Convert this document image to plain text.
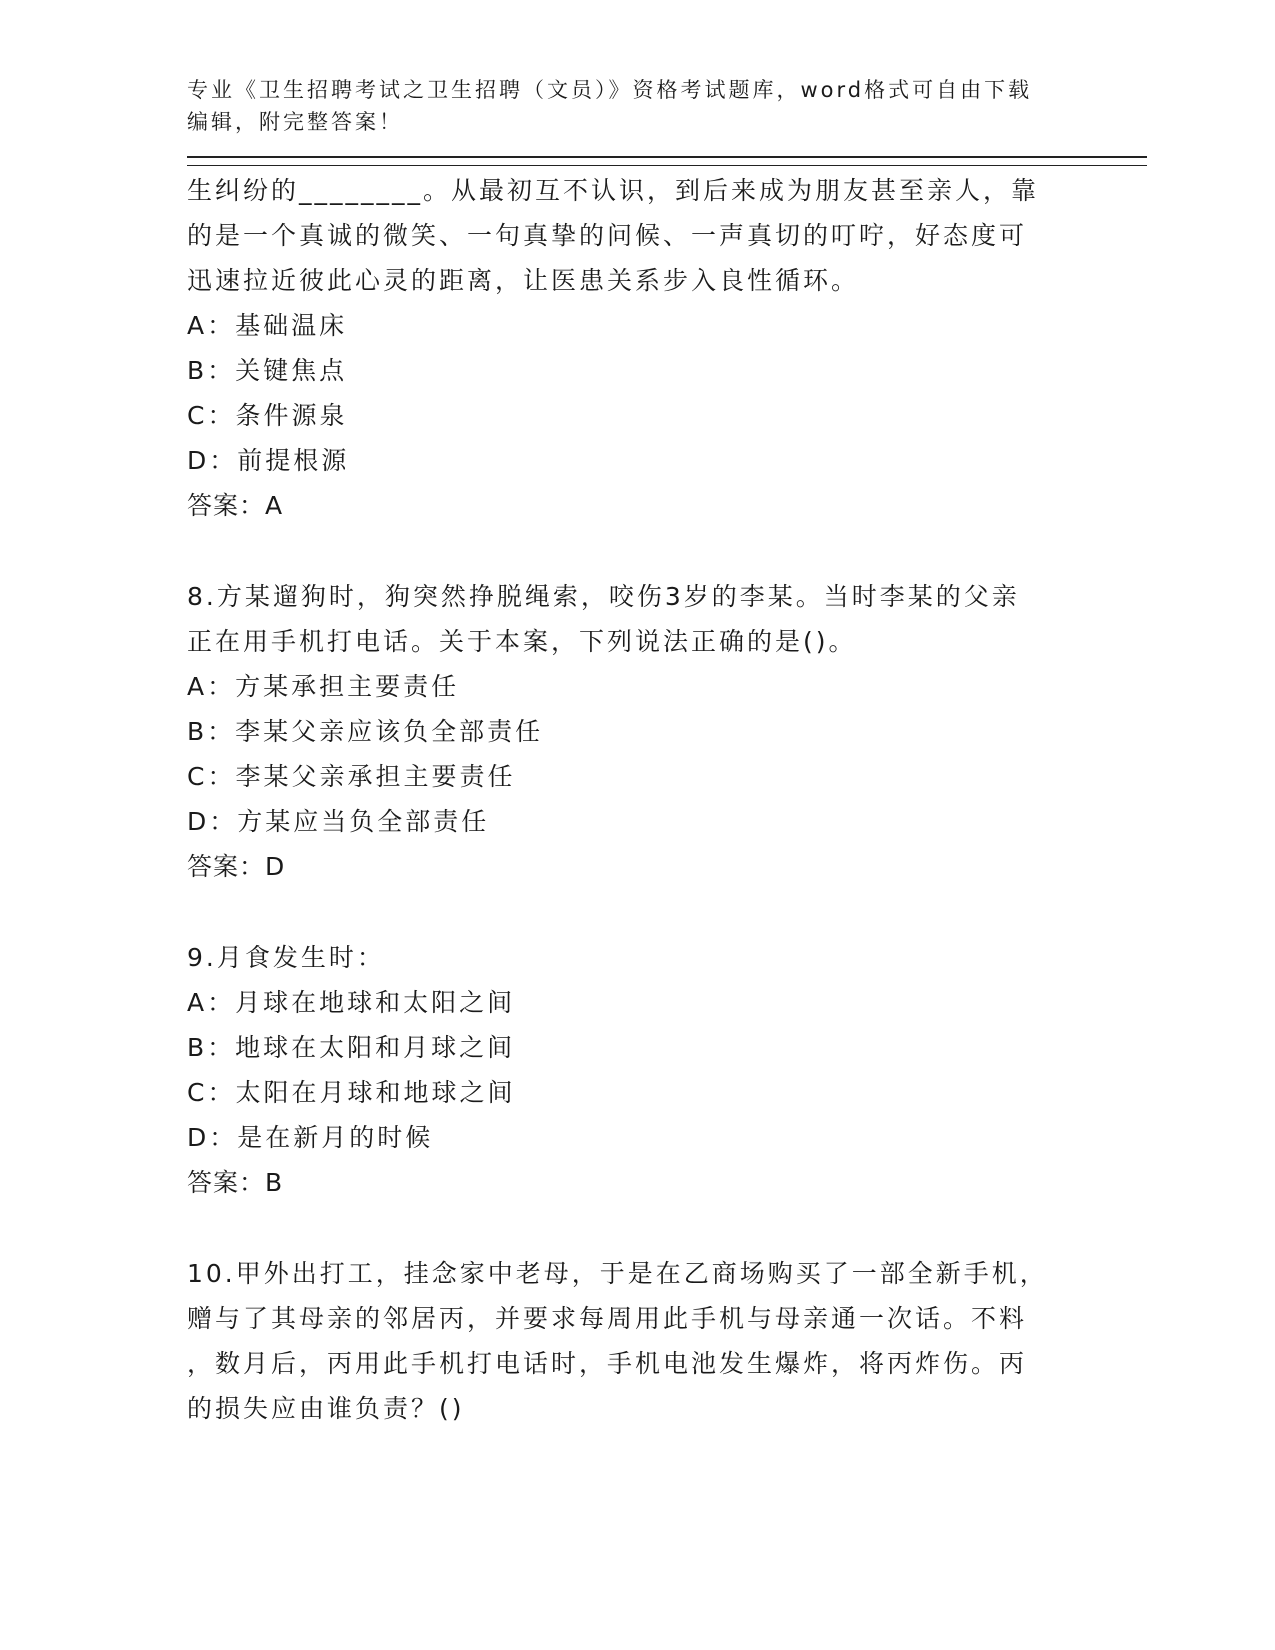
专业《卫生招聘考试之卫生招聘（文员）》资格考试题库，word格式可自由下载
编辑，附完整答案！
生纠纷的________。从最初互不认识，到后来成为朋友甚至亲人，靠
的是一个真诚的微笑、一句真挚的问候、一声真切的叮咛，好态度可
迅速拉近彼此心灵的距离，让医患关系步入良性循环。
A：基础温床
B：关键焦点
C：条件源泉
D：前提根源
答案：A
8.方某遛狗时，狗突然挣脱绳索，咬伤3岁的李某。当时李某的父亲
正在用手机打电话。关于本案，下列说法正确的是()。
A：方某承担主要责任
B：李某父亲应该负全部责任
C：李某父亲承担主要责任
D：方某应当负全部责任
答案：D
9.月食发生时：
A：月球在地球和太阳之间
B：地球在太阳和月球之间
C：太阳在月球和地球之间
D：是在新月的时候
答案：B
10.甲外出打工，挂念家中老母，于是在乙商场购买了一部全新手机，
赠与了其母亲的邻居丙，并要求每周用此手机与母亲通一次话。不料
，数月后，丙用此手机打电话时，手机电池发生爆炸，将丙炸伤。丙
的损失应由谁负责？()
